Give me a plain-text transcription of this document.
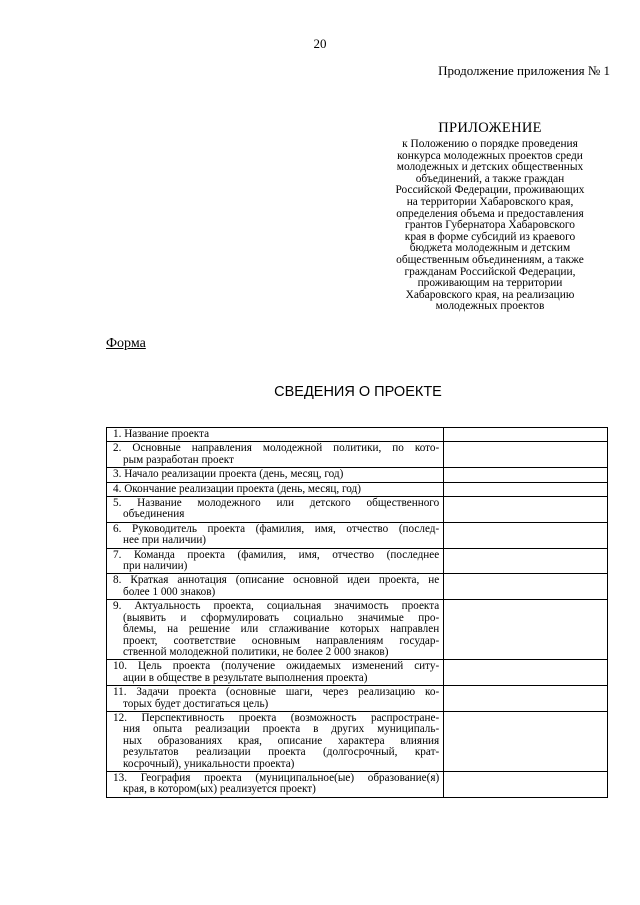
20
Продолжение приложения № 1
ПРИЛОЖЕНИЕ
к Положению о порядке проведения
конкурса молодежных проектов среди
молодежных и детских общественных
объединений, а также граждан
Российской Федерации, проживающих
на территории Хабаровского края,
определения объема и предоставления
грантов Губернатора Хабаровского
края в форме субсидий из краевого
бюджета молодежным и детским
общественным объединениям, а также
гражданам Российской Федерации,
проживающим на территории
Хабаровского края, на реализацию
молодежных проектов
Форма
СВЕДЕНИЯ О ПРОЕКТЕ
1. Название проекта	

2. Основные направления молодежной политики, по кото-
рым разработан проект	

3. Начало реализации проекта (день, месяц, год)	

4. Окончание реализации проекта (день, месяц, год)	

5. Название молодежного или детского общественного
объединения	

6. Руководитель проекта (фамилия, имя, отчество (послед-
нее при наличии)	

7. Команда проекта (фамилия, имя, отчество (последнее
при наличии)	

8. Краткая аннотация (описание основной идеи проекта, не
более 1 000 знаков)	

9. Актуальность проекта, социальная значимость проекта
(выявить и сформулировать социально значимые про-
блемы, на решение или сглаживание которых направлен
проект, соответствие основным направлениям государ-
ственной молодежной политики, не более 2 000 знаков)	

10. Цель проекта (получение ожидаемых изменений ситу-
ации в обществе в результате выполнения проекта)	

11. Задачи проекта (основные шаги, через реализацию ко-
торых будет достигаться цель)	

12. Перспективность проекта (возможность распростране-
ния опыта реализации проекта в других муниципаль-
ных образованиях края, описание характера влияния
результатов реализации проекта (долгосрочный, крат-
косрочный), уникальности проекта)	

13. География проекта (муниципальное(ые) образование(я)
края, в котором(ых) реализуется проект)	
